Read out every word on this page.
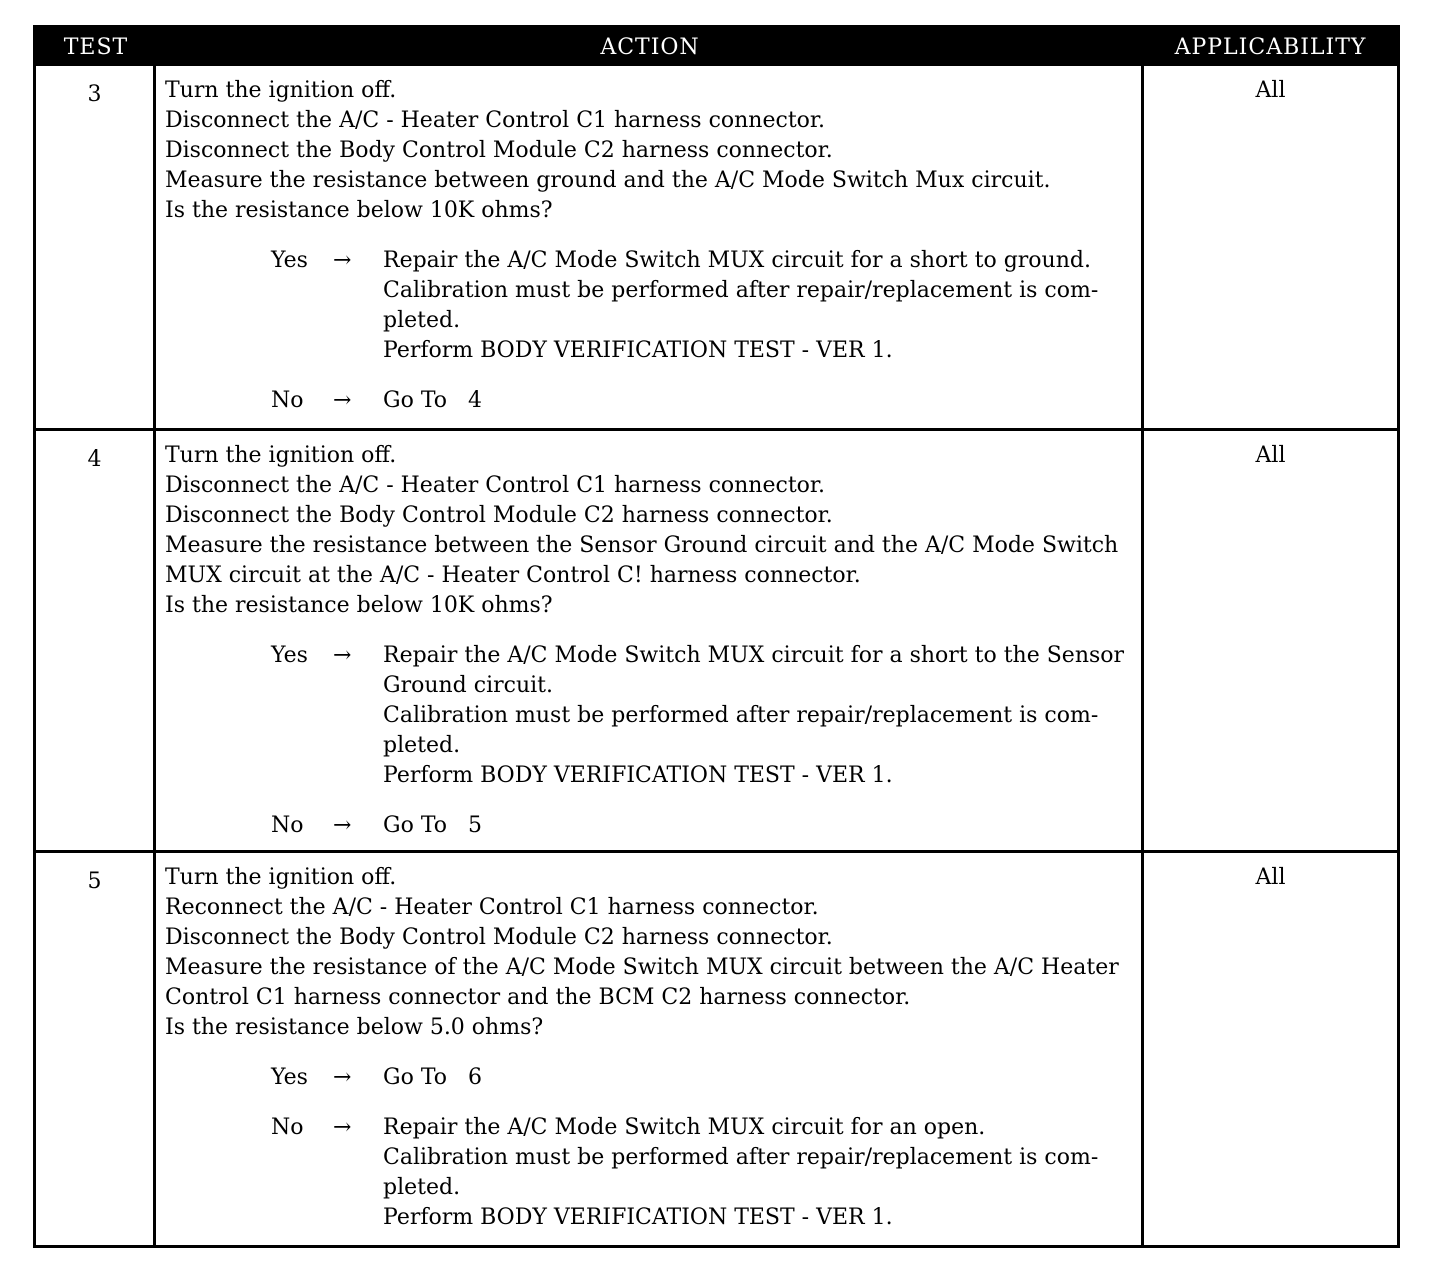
TEST	ACTION	APPLICABILITY
3	Turn the ignition off.
Disconnect the A/C - Heater Control C1 harness connector.
Disconnect the Body Control Module C2 harness connector.
Measure the resistance between ground and the A/C Mode Switch Mux circuit.
Is the resistance below 10K ohms?
Yes	→	Repair the A/C Mode Switch MUX circuit for a short to ground.
Calibration must be performed after repair/replacement is com-
pleted.
Perform BODY VERIFICATION TEST - VER 1.
No	→	Go To   4
All
4	Turn the ignition off.
Disconnect the A/C - Heater Control C1 harness connector.
Disconnect the Body Control Module C2 harness connector.
Measure the resistance between the Sensor Ground circuit and the A/C Mode Switch
MUX circuit at the A/C - Heater Control C! harness connector.
Is the resistance below 10K ohms?
Yes	→	Repair the A/C Mode Switch MUX circuit for a short to the Sensor
Ground circuit.
Calibration must be performed after repair/replacement is com-
pleted.
Perform BODY VERIFICATION TEST - VER 1.
No	→	Go To   5
All
5	Turn the ignition off.
Reconnect the A/C - Heater Control C1 harness connector.
Disconnect the Body Control Module C2 harness connector.
Measure the resistance of the A/C Mode Switch MUX circuit between the A/C Heater
Control C1 harness connector and the BCM C2 harness connector.
Is the resistance below 5.0 ohms?
Yes	→	Go To   6
No	→	Repair the A/C Mode Switch MUX circuit for an open.
Calibration must be performed after repair/replacement is com-
pleted.
Perform BODY VERIFICATION TEST - VER 1.
All
